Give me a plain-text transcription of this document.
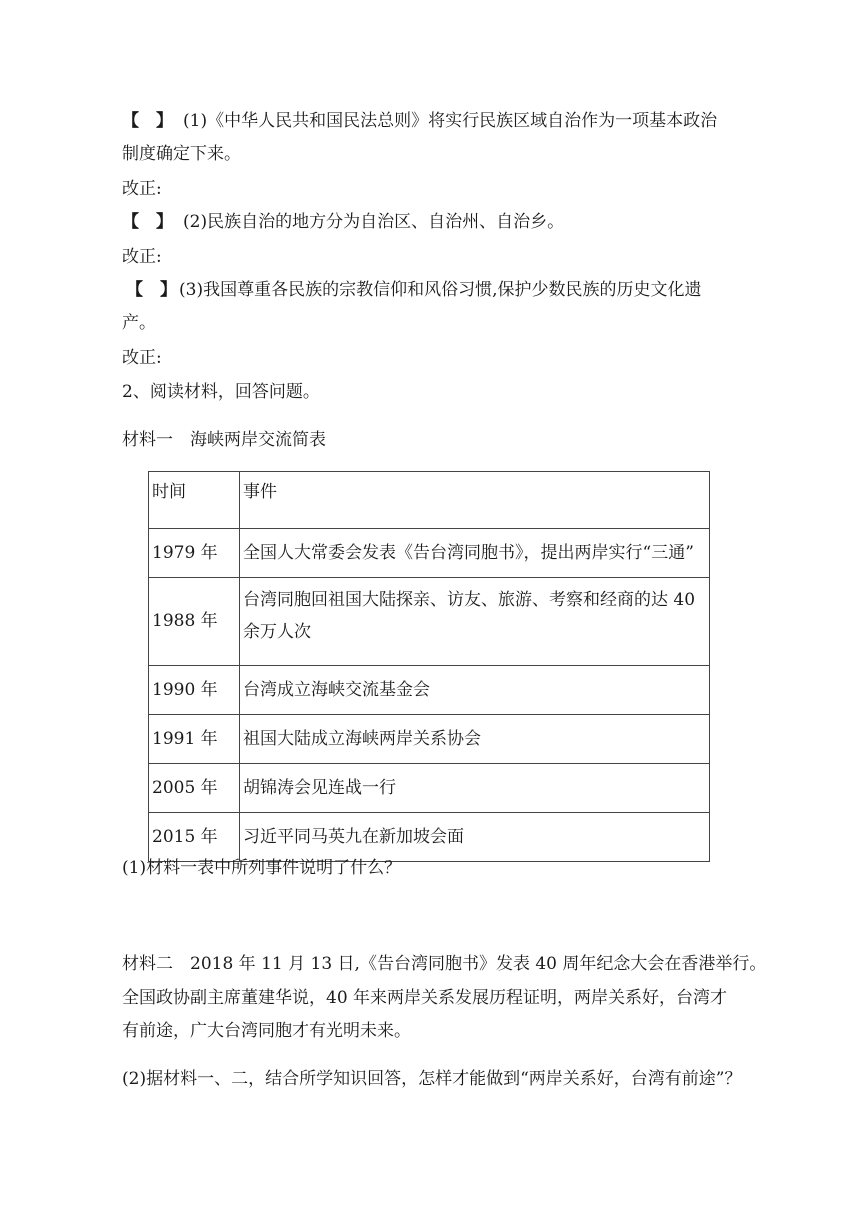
【　】 (1)《中华人民共和国民法总则》将实行民族区域自治作为一项基本政治
制度确定下来。
改正:
【　】 (2)民族自治的地方分为自治区、自治州、自治乡。
改正:
【　】 (3)我国尊重各民族的宗教信仰和风俗习惯,保护少数民族的历史文化遗
产。
改正:
2、阅读材料，回答问题。
材料一　海峡两岸交流简表
时间	事件
1979 年	全国人大常委会发表《告台湾同胞书》，提出两岸实行“三通”
1988 年	台湾同胞回祖国大陆探亲、访友、旅游、考察和经商的达 40
余万人次

1990 年	台湾成立海峡交流基金会
1991 年	祖国大陆成立海峡两岸关系协会
2005 年	胡锦涛会见连战一行
2015 年	习近平同马英九在新加坡会面
(1)材料一表中所列事件说明了什么？
材料二　2018 年 11 月 13 日,《告台湾同胞书》发表 40 周年纪念大会在香港举行。
全国政协副主席董建华说，40 年来两岸关系发展历程证明，两岸关系好，台湾才
有前途，广大台湾同胞才有光明未来。
(2)据材料一、二，结合所学知识回答，怎样才能做到“两岸关系好，台湾有前途”？
